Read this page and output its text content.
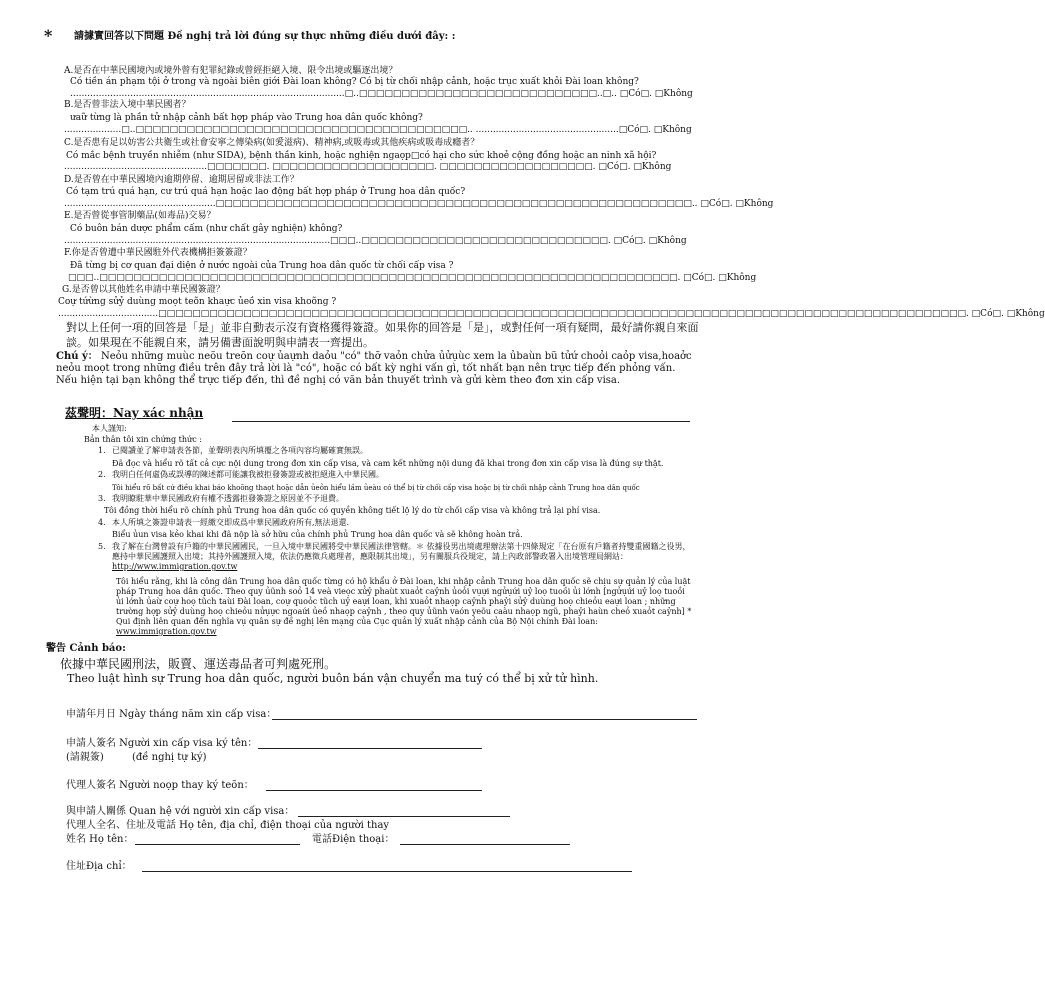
* 請據實回答以下問題 Đề nghị trả lời đúng sự thực những điều dưới đây: :
A.是否在中華民國境內或境外曾有犯罪紀錄或曾經拒絕入境、限令出境或驅逐出境？
Có tiền án phạm tội ở trong và ngoài biên giới Đài loan không? Có bị từ chối nhập cảnh, hoặc trục xuất khỏi Đài loan không?
................................................................................................□..□□□□□□□□□□□□□□□□□□□□□□□□□□□□..□.. □Có□. □Không
B.是否曾非法入境中華民國者？
ưaữ từng là phần tử nhập cảnh bất hợp pháp vào Trung hoa dân quốc không?
....................□..□□□□□□□□□□□□□□□□□□□□□□□□□□□□□□□□□□□□□□□.. ..................................................□Có□. □Không
C.是否患有足以妨害公共衛生或社會安寧之傳染病(如愛滋病)、精神病,或吸毒或其他疾病或吸毒成癮者？
Có mắc bệnh truyền nhiễm (như SIDA), bệnh thần kinh, hoặc nghiện ngaọp□có hại cho sức khoẻ cộng đồng hoặc an ninh xã hội?
..................................................□□□□□□□. □□□□□□□□□□□□□□□□□□□. □□□□□□□□□□□□□□□□□□. □Có□. □Không
D.是否曾在中華民國境內逾期停留、逾期居留或非法工作？
Có tạm trú quá hạn, cư trú quá hạn hoặc lao động bất hợp pháp ở Trung hoa dân quốc?
.....................................................□□□□□□□□□□□□□□□□□□□□□□□□□□□□□□□□□□□□□□□□□□□□□□□□□□□□□□□□.. □Có□. □Không
E.是否曾從事管制藥品(如毒品)交易？
Có buôn bán dược phẩm cấm (như chất gây nghiện) không?
.............................................................................................□□□..□□□□□□□□□□□□□□□□□□□□□□□□□□□□□. □Có□. □Không
F.你是否曾遭中華民國駐外代表機構拒簽簽證？
Đã từng bị cơ quan đại diện ở nước ngoài của Trung hoa dân quốc từ chối cấp visa ?
□□□..□□□□□□□□□□□□□□□□□□□□□□□□□□□□□□□□□□□□□□□□□□□□□□□□□□□□□□□□□□□□□□□□□□□□. □Có□. □Không
G.是否曾以其他姓名申請中華民國簽證？
Coự tứừng sửỷ duùng moọt teõn khaực ủeồ xin visa khoõng ?
...................................□□□□□□□□□□□□□□□□□□□□□□□□□□□□□□□□□□□□□□□□□□□□□□□□□□□□□□□□□□□□□□□□□□□□□□□□□□□□□□□□□□□□□□□□□□□□□□□. □Có□. □Không
對以上任何一項的回答是「是」並非自動表示沒有資格獲得簽證。如果你的回答是「是」，或對任何一項有疑問，最好請你親自來面談。如果現在不能親自來，請另備書面說明與申請表一齊提出。
Chú ý： Neỏu những muùc neõu treõn coự ủaựnh daỏu "có" thỡ vaỏn chửa ủửụùc xem la ủbaùn bũ tửứ choỏi caỏp visa,hoaởc neỏu moọt trong những điều trên đây trả lời là "có", hoặc có bất kỳ nghi vấn gì, tốt nhất bạn nên trực tiếp đến phỏng vấn. Nếu hiện tại bạn không thể trực tiếp đến, thì đề nghị có văn bản thuyết trình và gửi kèm theo đơn xin cấp visa.
茲聲明：Nay xác nhận
本人謹知:
Bản thân tôi xin chứng thức :
1. 已閱讀並了解申請表各節，並聲明表內所填覆之各項內容均屬確實無誤。
Đã đọc và hiểu rõ tất cả cực nội dung trong đơn xin cấp visa, và cam kết những nội dung đã khai trong đơn xin cấp visa là đúng sự thật.
2. 我明白任何虛偽或誤導的陳述都可能讓我被拒發簽證或被拒絕進入中華民國。
Tôi hiểu rõ bất cứ điều khai báo khoõng thaọt hoặc dẫn ủeỏn hiểu lầm ủeàu có thể bị từ chối cấp visa hoặc bị từ chối nhập cảnh Trung hoa dân quốc
3. 我明瞭駐華中華民國政府有權不透露拒發簽證之原因並不予退費。
Tôi đồng thời hiểu rõ chính phủ Trung hoa dân quốc có quyền không tiết lộ lý do từ chối cấp visa và không trả lại phí visa.
4. 本人所填之簽證申請表一經繳交即成爲中華民國政府所有,無法退還.
Biểu ủun visa kẻo khai khi đã nộp là sở hữu của chính phủ Trung hoa dân quốc và sẽ không hoàn trả.
5. 我了解在台灣曾設有戶籍的中華民國國民，一旦入境中華民國將受中華民國法律管轄。＊ 依據役男出境處理辦法第十四條規定「在台原有戶籍者持雙重國籍之役男，應持中華民國護照入出境；其持外國護照入境，依法仍應徵兵處理者，應限制其出境」，另有關服兵役規定，請上內政部警政署入出境管理局網站：http://www.immigration.gov.tw
Tôi hiểu rằng, khi là công dân Trung hoa dân quốc từng có hộ khẩu ở Đài loan, khi nhập cảnh Trung hoa dân quốc sẽ chịu sự quản lý của luật pháp Trung hoa dân quốc. Theo quy ủũnh soỏ 14 veà vieọc xửỷ phaùt xuaỏt caỷnh ủoỏi vụựi ngửụứi uỷ loọ tuoồi ủi lớnh [ngửụứi uỷ loọ tuoồi ủi lớnh ủaừ coự hoọ tũch taùi Đài loan, coự quoỏc tũch uỷ eaựi loan, khi xuaỏt nhaọp caỷnh phaỷi sửỷ duùng hoọ chieỏu eaựi loan ; những trường hợp sửỷ duùng hoọ chieỏu nửụực ngoaứi ủeồ nhaọp caỷnh , theo quy ủũnh vaón yeõu caàu nhaọp ngũ, phaỷi haùn cheỏ xuaỏt caỷnh] * Qui định liên quan đến nghĩa vụ quân sự đề nghị lên mạng của Cục quản lý xuất nhập cảnh của Bộ Nội chính Đài loan: www.immigration.gov.tw
警告 Cảnh báo:
依據中華民國刑法，販賣、運送毒品者可判處死刑。
Theo luật hình sự Trung hoa dân quốc, người buôn bán vận chuyển ma tuý có thể bị xử tử hình.
申請年月日 Ngày tháng năm xin cấp visa：
申請人簽名 Người xin cấp visa ký tên：
(請親簽)	(đề nghị tự ký)
代理人簽名 Người noọp thay ký teõn：
與申請人關係 Quan hệ với người xin cấp visa：
代理人全名、住址及電話 Họ tên, địa chỉ, điện thoại của người thay
姓名 Họ tên：	電話Điện thoại：
住址Địa chỉ：
